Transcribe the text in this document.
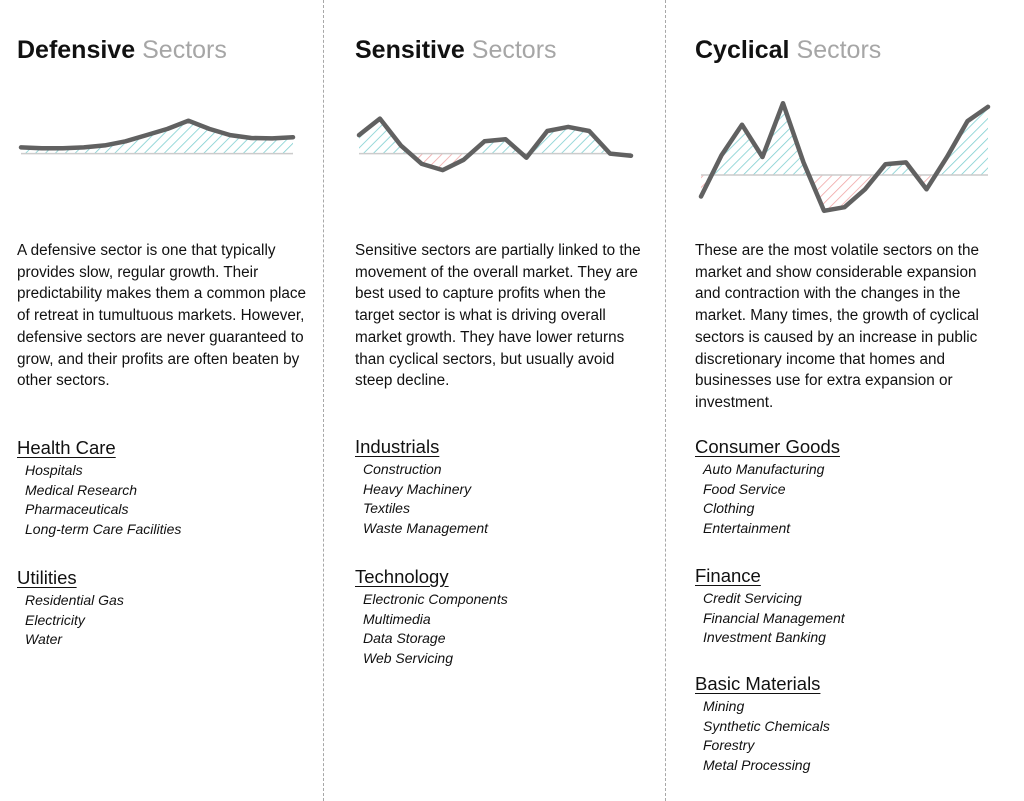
Defensive Sectors

A defensive sector is one that typically provides slow, regular growth. Their predictability makes them a common place of retreat in tumultuous markets. However, defensive sectors are never guaranteed to grow, and their profits are often beaten by other sectors.

Health Care
Hospitals
Medical Research
Pharmaceuticals
Long-term Care Facilities
Utilities
Residential Gas
Electricity
Water
Sensitive Sectors

Sensitive sectors are partially linked to the movement of the overall market. They are best used to capture profits when the target sector is what is driving overall market growth. They have lower returns than cyclical sectors, but usually avoid steep decline.

Industrials
Construction
Heavy Machinery
Textiles
Waste Management
Technology
Electronic Components
Multimedia
Data Storage
Web Servicing
Cyclical Sectors

These are the most volatile sectors on the market and show considerable expansion and contraction with the changes in the market. Many times, the growth of cyclical sectors is caused by an increase in public discretionary income that homes and businesses use for extra expansion or investment.

Consumer Goods
Auto Manufacturing
Food Service
Clothing
Entertainment
Finance
Credit Servicing
Financial Management
Investment Banking
Basic Materials
Mining
Synthetic Chemicals
Forestry
Metal Processing
